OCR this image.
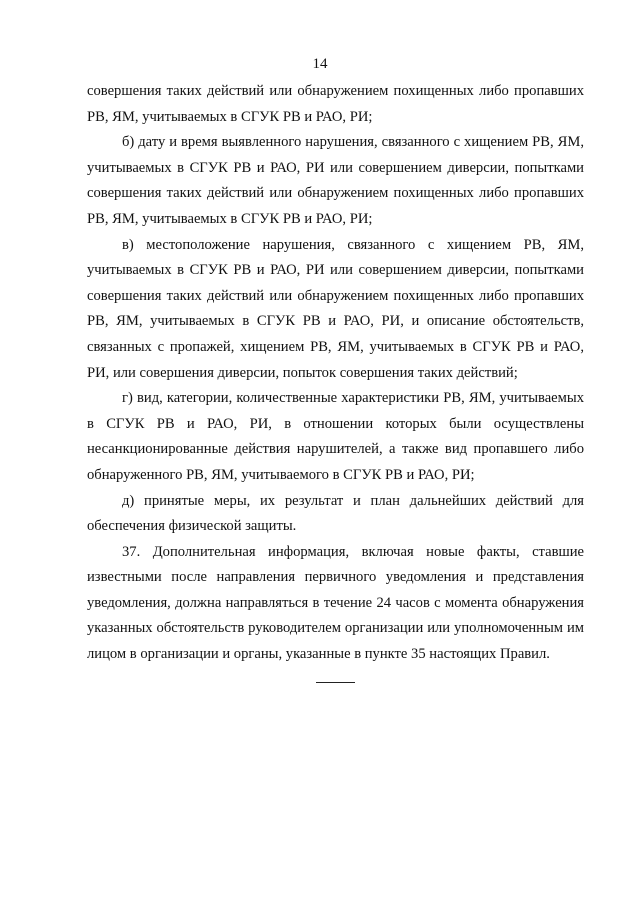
14

совершения таких действий или обнаружением похищенных либо пропавших РВ, ЯМ, учитываемых в СГУК РВ и РАО, РИ;

б) дату и время выявленного нарушения, связанного с хищением РВ, ЯМ, учитываемых в СГУК РВ и РАО, РИ или совершением диверсии, попытками совершения таких действий или обнаружением похищенных либо пропавших РВ, ЯМ, учитываемых в СГУК РВ и РАО, РИ;

в) местоположение нарушения, связанного с хищением РВ, ЯМ, учитываемых в СГУК РВ и РАО, РИ или совершением диверсии, попытками совершения таких действий или обнаружением похищенных либо пропавших РВ, ЯМ, учитываемых в СГУК РВ и РАО, РИ, и описание обстоятельств, связанных с пропажей, хищением РВ, ЯМ, учитываемых в СГУК РВ и РАО, РИ, или совершения диверсии, попыток совершения таких действий;

г) вид, категории, количественные характеристики РВ, ЯМ, учитываемых в СГУК РВ и РАО, РИ, в отношении которых были осуществлены несанкционированные действия нарушителей, а также вид пропавшего либо обнаруженного РВ, ЯМ, учитываемого в СГУК РВ и РАО, РИ;

д) принятые меры, их результат и план дальнейших действий для обеспечения физической защиты.

37. Дополнительная информация, включая новые факты, ставшие известными после направления первичного уведомления и представления уведомления, должна направляться в течение 24 часов с момента обнаружения указанных обстоятельств руководителем организации или уполномоченным им лицом в организации и органы, указанные в пункте 35 настоящих Правил.
